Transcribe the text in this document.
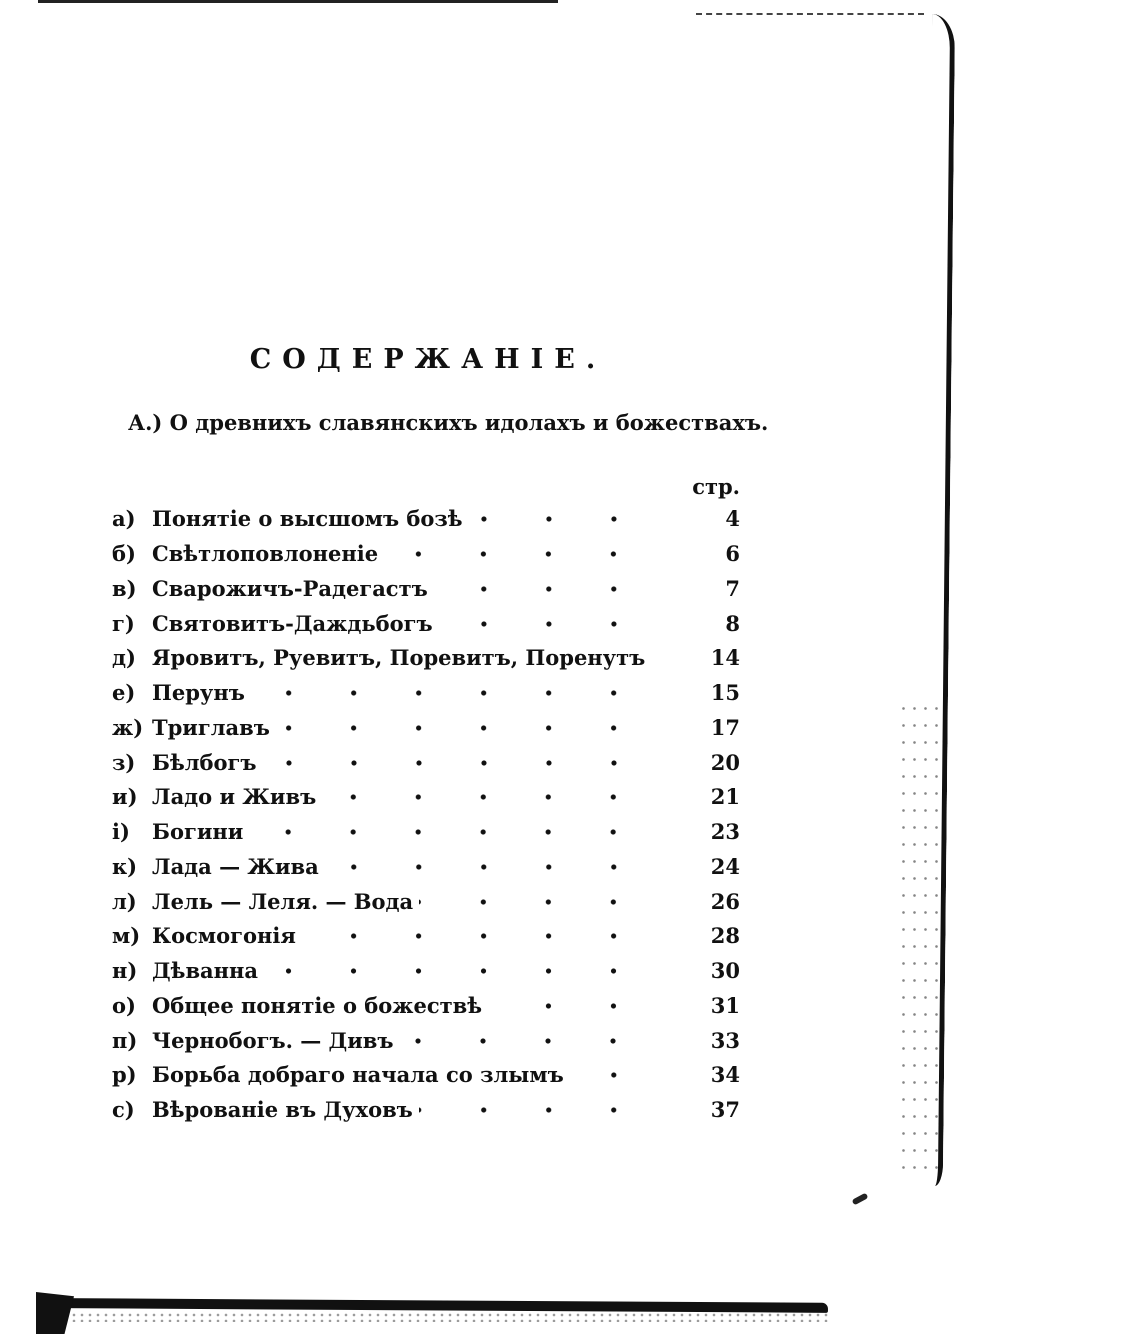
СОДЕРЖАНІЕ.
А.) О древнихъ славянскихъ идолахъ и божествахъ.
стр.
а) Понятіе о высшомъ бозѣ	4
б) Свѣтлоповлоненіе	6
в) Сварожичъ-Радегастъ	7
г) Святовитъ-Даждьбогъ	8
д) Яровитъ, Руевитъ, Поревитъ, Поренутъ	14
е) Перунъ	15
ж) Триглавъ	17
з) Бѣлбогъ	20
и) Ладо и Живъ	21
і)	Богини	23
к) Лада — Жива	24
л) Лель — Леля. — Вода	26
м) Космогонія	28
н) Дѣванна	30
о) Общее понятіе о божествѣ	31
п) Чернобогъ. — Дивъ	33
р) Борьба добраго начала со злымъ	34
с) Вѣрованіе въ Духовъ	37
